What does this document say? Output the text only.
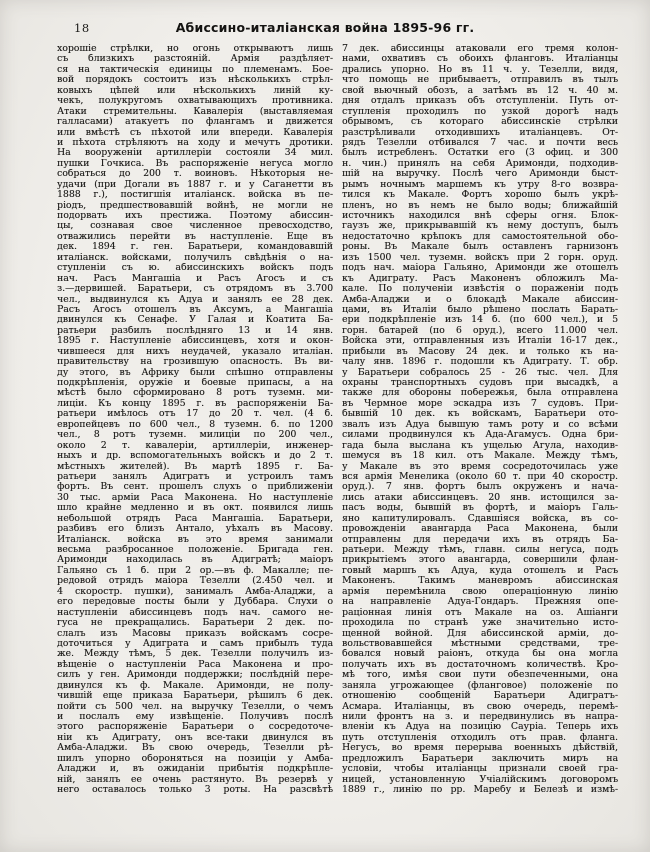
18	Абиссино-италіанская война 1895-96 гг.
хорошіе стрѣлки, но огонь открываютъ лишь
съ близкихъ разстояній. Армія раздѣляет-
ся на тактическія единицы по племенамъ. Бое-
вой порядокъ состоитъ изъ нѣсколькихъ стрѣл-
ковыхъ цѣпей или нѣсколькихъ линій ку-
чекъ, полукругомъ охватывающихъ противника.
Атаки стремительны. Кавалерія (выставляемая
галласами) атакуетъ по флангамъ и движется
или вмѣстѣ съ пѣхотой или впереди. Кавалерія
и пѣхота стрѣляютъ на ходу и мечутъ дротики.
На вооруженіи артиллеріи состояли 34 мил.
пушки Гочкиса. Въ распоряженіе негуса могло
собраться до 200 т. воиновъ. Нѣкоторыя не-
удачи (при Догали въ 1887 г. и у Саганетти въ
1888 г.), постигшія италіанск. войска въ пе-
ріодъ, предшествовавшій войнѣ, не могли не
подорвать ихъ престижа. Поэтому абиссин-
цы, сознавая свое численное превосходство,
отважились перейти въ наступленіе. Еще въ
дек. 1894 г. ген. Баратьери, командовавшій
италіанск. войсками, получилъ свѣдѣнія о на-
ступленіи съ ю. абиссинскихъ войскъ подъ
нач. Расъ Мангашіа и Расъ Агосъ и съ
з.—дервишей. Баратьери, съ отрядомъ въ 3.700
чел., выдвинулся къ Адуа и занялъ ее 28 дек.
Расъ Агосъ отошелъ въ Аксумъ, а Мангашіа
двинулся къ Сенафе. У Галая и Коатита Ба-
ратьери разбилъ послѣдняго 13 и 14 янв.
1895 г. Наступленіе абиссинцевъ, хотя и окон-
чившееся для нихъ неудачей, указало италіан.
правительству на грозившую опасность. Въ ви-
ду этого, въ Африку были спѣшно отправлены
подкрѣпленія, оружіе и боевые припасы, а на
мѣстѣ было сформировано 8 ротъ туземн. ми-
лиціи. Къ концу 1895 г. въ распоряженіи Ба-
ратьери имѣлось отъ 17 до 20 т. чел. (4 б.
европейцевъ по 600 чел., 8 туземн. б. по 1200
чел., 8 ротъ туземн. милиціи по 200 чел.,
около 2 т. кавалеріи, артиллеріи, инженер-
ныхъ и др. вспомогательныхъ войскъ и до 2 т.
мѣстныхъ жителей). Въ мартѣ 1895 г. Ба-
ратьери занялъ Адигратъ и устроилъ тамъ
фортъ. Въ сент. прошелъ слухъ о приближеніи
30 тыс. арміи Раса Маконена. Но наступленіе
шло крайне медленно и въ окт. появился лишь
небольшой отрядъ Раса Мангашіа. Баратьери,
разбивъ его близъ Антало, уѣхалъ въ Масову.
Италіанск. войска въ это время занимали
весьма разбросанное положеніе. Бригада ген.
Аримонди находилась въ Адигратѣ; маіоръ
Гальяно съ 1 б. при 2 ор.—въ ф. Макалле; пе-
редовой отрядъ маіора Тезелли (2.450 чел. и
4 скоростр. пушки), занималъ Амба-Аладжи, а
его передовые посты были у Дуббара. Слухи о
наступленіи абиссинцевъ подъ нач. самого не-
гуса не прекращались. Баратьери 2 дек. по-
слалъ изъ Масовы приказъ войскамъ сосре-
доточиться у Адиграта и самъ прибылъ туда
же. Между тѣмъ, 5 дек. Тезелли получилъ из-
вѣщеніе о наступленіи Раса Маконена и про-
силъ у ген. Аримонди поддержки; послѣдній пере-
двинулся къ ф. Макале. Аримонди, не полу-
чившій еще приказа Баратьери, рѣшилъ 6 дек.
пойти съ 500 чел. на выручку Тезелли, о чемъ
и послалъ ему извѣщеніе. Получивъ послѣ
этого распоряженіе Баратьери о сосредоточе-
ніи къ Адиграту, онъ все-таки двинулся въ
Амба-Аладжи. Въ свою очередь, Тезелли рѣ-
шилъ упорно обороняться на позиціи у Амба-
Аладжи и, въ ожиданіи прибытія подкрѣпле-
ній, занялъ ее очень растянуто. Въ резервѣ у
него оставалось только 3 роты. На разсвѣтѣ
7 дек. абиссинцы атаковали его тремя колон-
нами, охвативъ съ обоихъ фланговъ. Италіанцы
дрались упорно. Но въ 11 ч. у. Тезелли, видя,
что помощь не прибываетъ, отправилъ въ тылъ
свой вьючный обозъ, а затѣмъ въ 12 ч. 40 м.
дня отдалъ приказъ объ отступленіи. Путь от-
ступленія проходилъ по узкой дорогѣ надъ
обрывомъ, съ котораго абиссинскіе стрѣлки
разстрѣливали отходившихъ италіанцевъ. От-
рядъ Тезелли отбивался 7 час. и почти весь
былъ истребленъ. Остатки его (3 офиц. и 300
н. чин.) принялъ на себя Аримонди, подходив-
шій на выручку. Послѣ чего Аримонди быст-
рымъ ночнымъ маршемъ къ утру 8-го возвра-
тился къ Макале. Фортъ хорошо былъ укрѣ-
пленъ, но въ немъ не было воды; ближайшій
источникъ находился внѣ сферы огня. Блок-
гаузъ же, прикрывавшій къ нему доступъ, былъ
недостаточно крѣпокъ для самостоятельной обо-
роны. Въ Макале былъ оставленъ гарнизонъ
изъ 1500 чел. туземн. войскъ при 2 горн. оруд.
подъ нач. маіора Гальяно, Аримонди же отошелъ
къ Адиграту. Расъ Маконенъ обложилъ Ма-
кале. По полученіи извѣстія о пораженіи подъ
Амба-Аладжи и о блокадѣ Макале абиссин-
цами, въ Италіи было рѣшено послать Барать-
ери подкрѣпленіе изъ 14 б. (по 600 чел.), и 5
горн. батарей (по 6 оруд.), всего 11.000 чел.
Войска эти, отправленныя изъ Италіи 16-17 дек.,
прибыли въ Масову 24 дек. и только къ на-
чалу янв. 1896 г. подошли къ Адиграту. Т. обр.
у Баратьери собралось 25 - 26 тыс. чел. Для
охраны транспортныхъ судовъ при высадкѣ, а
также для обороны побережья, была отправлена
въ Чермное море эскадра изъ 7 судовъ. При-
бывшій 10 дек. къ войскамъ, Баратьери ото-
звалъ изъ Адуа бывшую тамъ роту и со всѣми
силами продвинулся къ Ада-Агамусъ. Одна бри-
гада была выслана къ ущелью Агула, находив-
шемуся въ 18 кил. отъ Макале. Между тѣмъ,
у Макале въ это время сосредоточилась уже
вся армія Менелика (около 60 т. при 40 скоростр.
оруд.). 7 янв. фортъ былъ окруженъ и нача-
лись атаки абиссинцевъ. 20 янв. истощился за-
пасъ воды, бывшій въ фортѣ, и маіоръ Галь-
яно капитулировалъ. Сдавшіяся войска, въ со-
провожденіи авангарда Раса Маконена, были
отправлены для передачи ихъ въ отрядъ Ба-
ратьери. Между тѣмъ, главн. силы негуса, подъ
прикрытіемъ этого авангарда, совершили флан-
говый маршъ къ Адуа, куда отошелъ и Расъ
Маконенъ. Такимъ маневромъ абиссинская
армія перемѣнила свою операціонную линію
на направленіе Адуа-Гондаръ. Прежняя опе-
раціонная линія отъ Макале на оз. Ашіанги
проходила по странѣ уже значительно исто-
щенной войной. Для абиссинской арміи, до-
вольствовавшейся мѣстными средствами, тре-
бовался новый раіонъ, откуда бы она могла
получать ихъ въ достаточномъ количествѣ. Кро-
мѣ того, имѣя свои пути обезпеченными, она
заняла угрожающее (фланговое) положеніе по
отношенію сообщеній Баратьери Адигратъ-
Асмара. Италіанцы, въ свою очередь, перемѣ-
нили фронтъ на з. и передвинулись въ напра-
вленіи къ Адуа на позицію Сауріа. Теперь ихъ
путь отступленія отходилъ отъ прав. фланга.
Негусъ, во время перерыва военныхъ дѣйствій,
предложилъ Баратьери заключить миръ на
условіи, чтобы италіанцы признали своей гра-
ницей, установленную Учіалійскимъ договоромъ
1889 г., линію по рр. Маребу и Белезѣ и измѣ-
